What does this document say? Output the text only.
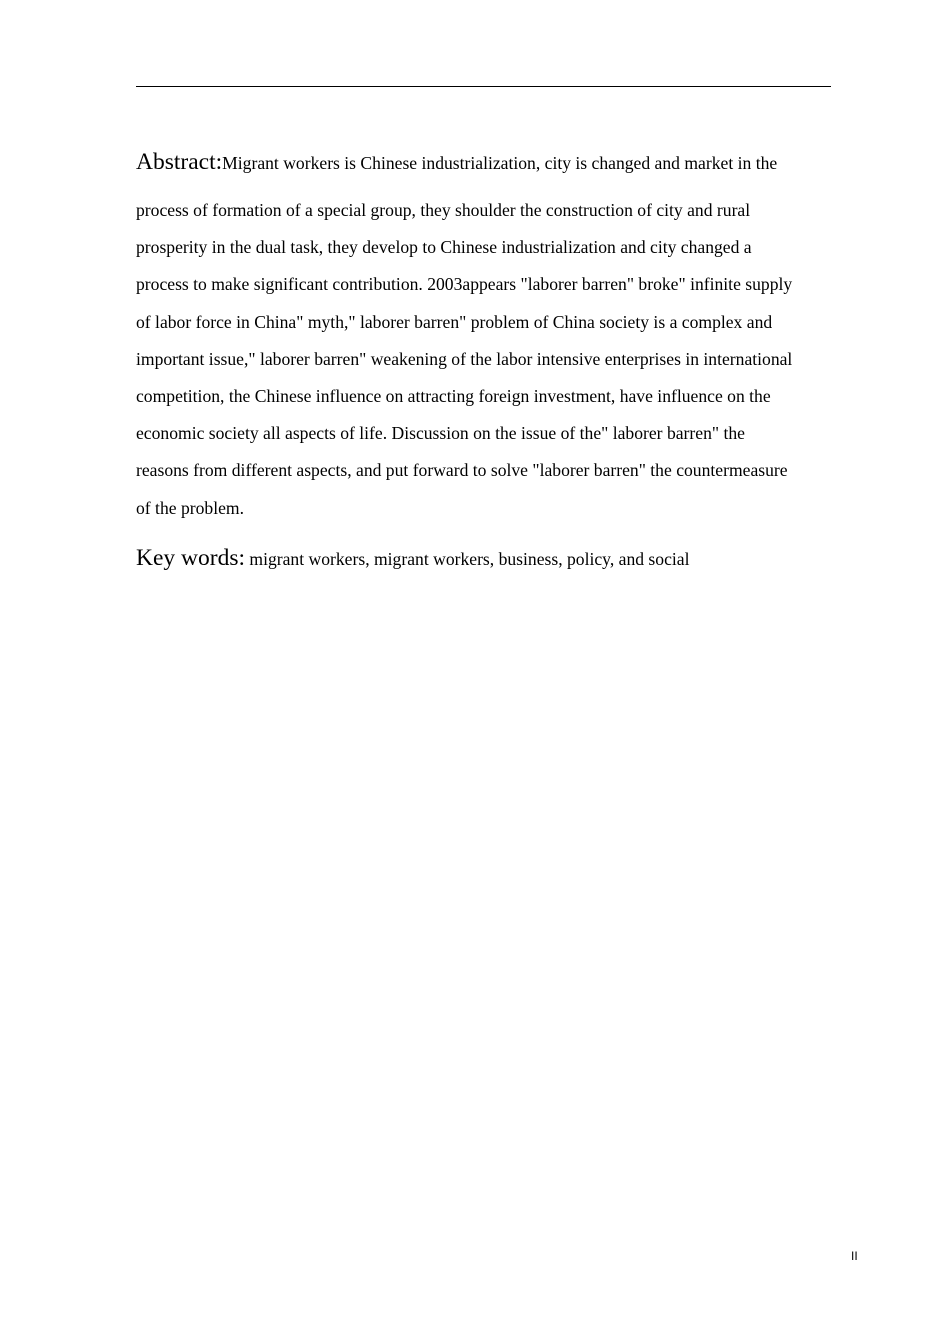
Abstract:Migrant workers is Chinese industrialization, city is changed and market in the
process of formation of a special group, they shoulder the construction of city and rural
prosperity in the dual task, they develop to Chinese industrialization and city changed a
process to make significant contribution. 2003appears "laborer barren" broke" infinite supply
of labor force in China" myth," laborer barren" problem of China society is a complex and
important issue," laborer barren" weakening of the labor intensive enterprises in international
competition, the Chinese influence on attracting foreign investment, have influence on the
economic society all aspects of life. Discussion on the issue of the" laborer barren" the
reasons from different aspects, and put forward to solve "laborer barren" the countermeasure
of the problem.
Key words: migrant workers, migrant workers, business, policy, and social
II
